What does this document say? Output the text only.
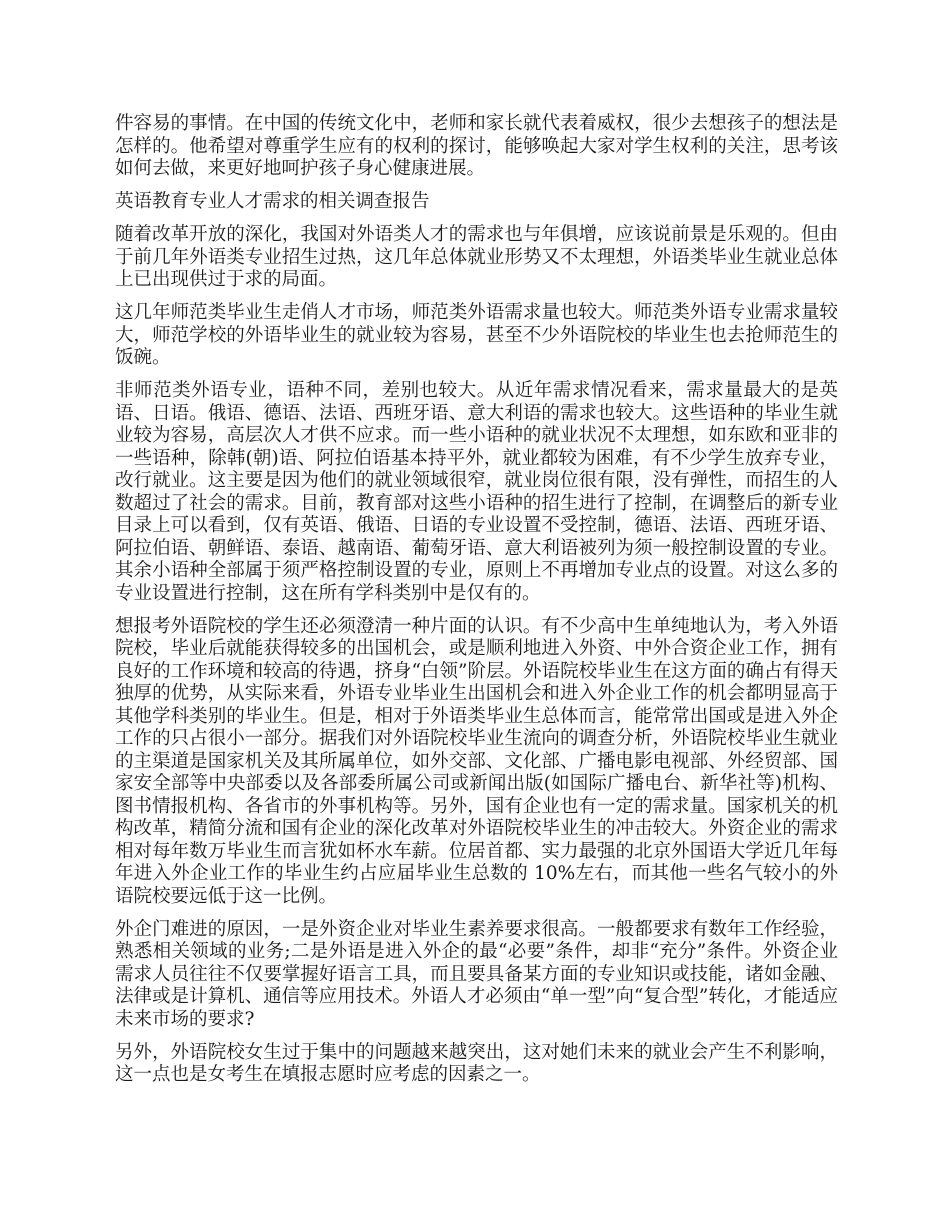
件容易的事情。在中国的传统文化中，老师和家长就代表着威权，很少去想孩子的想法是怎样的。他希望对尊重学生应有的权利的探讨，能够唤起大家对学生权利的关注，思考该如何去做，来更好地呵护孩子身心健康进展。

英语教育专业人才需求的相关调查报告

随着改革开放的深化，我国对外语类人才的需求也与年俱增，应该说前景是乐观的。但由于前几年外语类专业招生过热，这几年总体就业形势又不太理想，外语类毕业生就业总体上已出现供过于求的局面。

这几年师范类毕业生走俏人才市场，师范类外语需求量也较大。师范类外语专业需求量较大，师范学校的外语毕业生的就业较为容易，甚至不少外语院校的毕业生也去抢师范生的饭碗。

非师范类外语专业，语种不同，差别也较大。从近年需求情况看来，需求量最大的是英语、日语。俄语、德语、法语、西班牙语、意大利语的需求也较大。这些语种的毕业生就业较为容易，高层次人才供不应求。而一些小语种的就业状况不太理想，如东欧和亚非的一些语种，除韩(朝)语、阿拉伯语基本持平外，就业都较为困难，有不少学生放弃专业，改行就业。这主要是因为他们的就业领域很窄，就业岗位很有限，没有弹性，而招生的人数超过了社会的需求。目前，教育部对这些小语种的招生进行了控制，在调整后的新专业目录上可以看到，仅有英语、俄语、日语的专业设置不受控制，德语、法语、西班牙语、阿拉伯语、朝鲜语、泰语、越南语、葡萄牙语、意大利语被列为须一般控制设置的专业。其余小语种全部属于须严格控制设置的专业，原则上不再增加专业点的设置。对这么多的专业设置进行控制，这在所有学科类别中是仅有的。

想报考外语院校的学生还必须澄清一种片面的认识。有不少高中生单纯地认为，考入外语院校，毕业后就能获得较多的出国机会，或是顺利地进入外资、中外合资企业工作，拥有良好的工作环境和较高的待遇，挤身“白领”阶层。外语院校毕业生在这方面的确占有得天独厚的优势，从实际来看，外语专业毕业生出国机会和进入外企业工作的机会都明显高于其他学科类别的毕业生。但是，相对于外语类毕业生总体而言，能常常出国或是进入外企工作的只占很小一部分。据我们对外语院校毕业生流向的调查分析，外语院校毕业生就业的主渠道是国家机关及其所属单位，如外交部、文化部、广播电影电视部、外经贸部、国家安全部等中央部委以及各部委所属公司或新闻出版(如国际广播电台、新华社等)机构、图书情报机构、各省市的外事机构等。另外，国有企业也有一定的需求量。国家机关的机构改革，精简分流和国有企业的深化改革对外语院校毕业生的冲击较大。外资企业的需求相对每年数万毕业生而言犹如杯水车薪。位居首都、实力最强的北京外国语大学近几年每年进入外企业工作的毕业生约占应届毕业生总数的 10%左右，而其他一些名气较小的外语院校要远低于这一比例。

外企门难进的原因，一是外资企业对毕业生素养要求很高。一般都要求有数年工作经验，熟悉相关领域的业务;二是外语是进入外企的最“必要”条件，却非“充分”条件。外资企业需求人员往往不仅要掌握好语言工具，而且要具备某方面的专业知识或技能，诸如金融、法律或是计算机、通信等应用技术。外语人才必须由“单一型”向“复合型”转化，才能适应未来市场的要求?

另外，外语院校女生过于集中的问题越来越突出，这对她们未来的就业会产生不利影响，这一点也是女考生在填报志愿时应考虑的因素之一。
